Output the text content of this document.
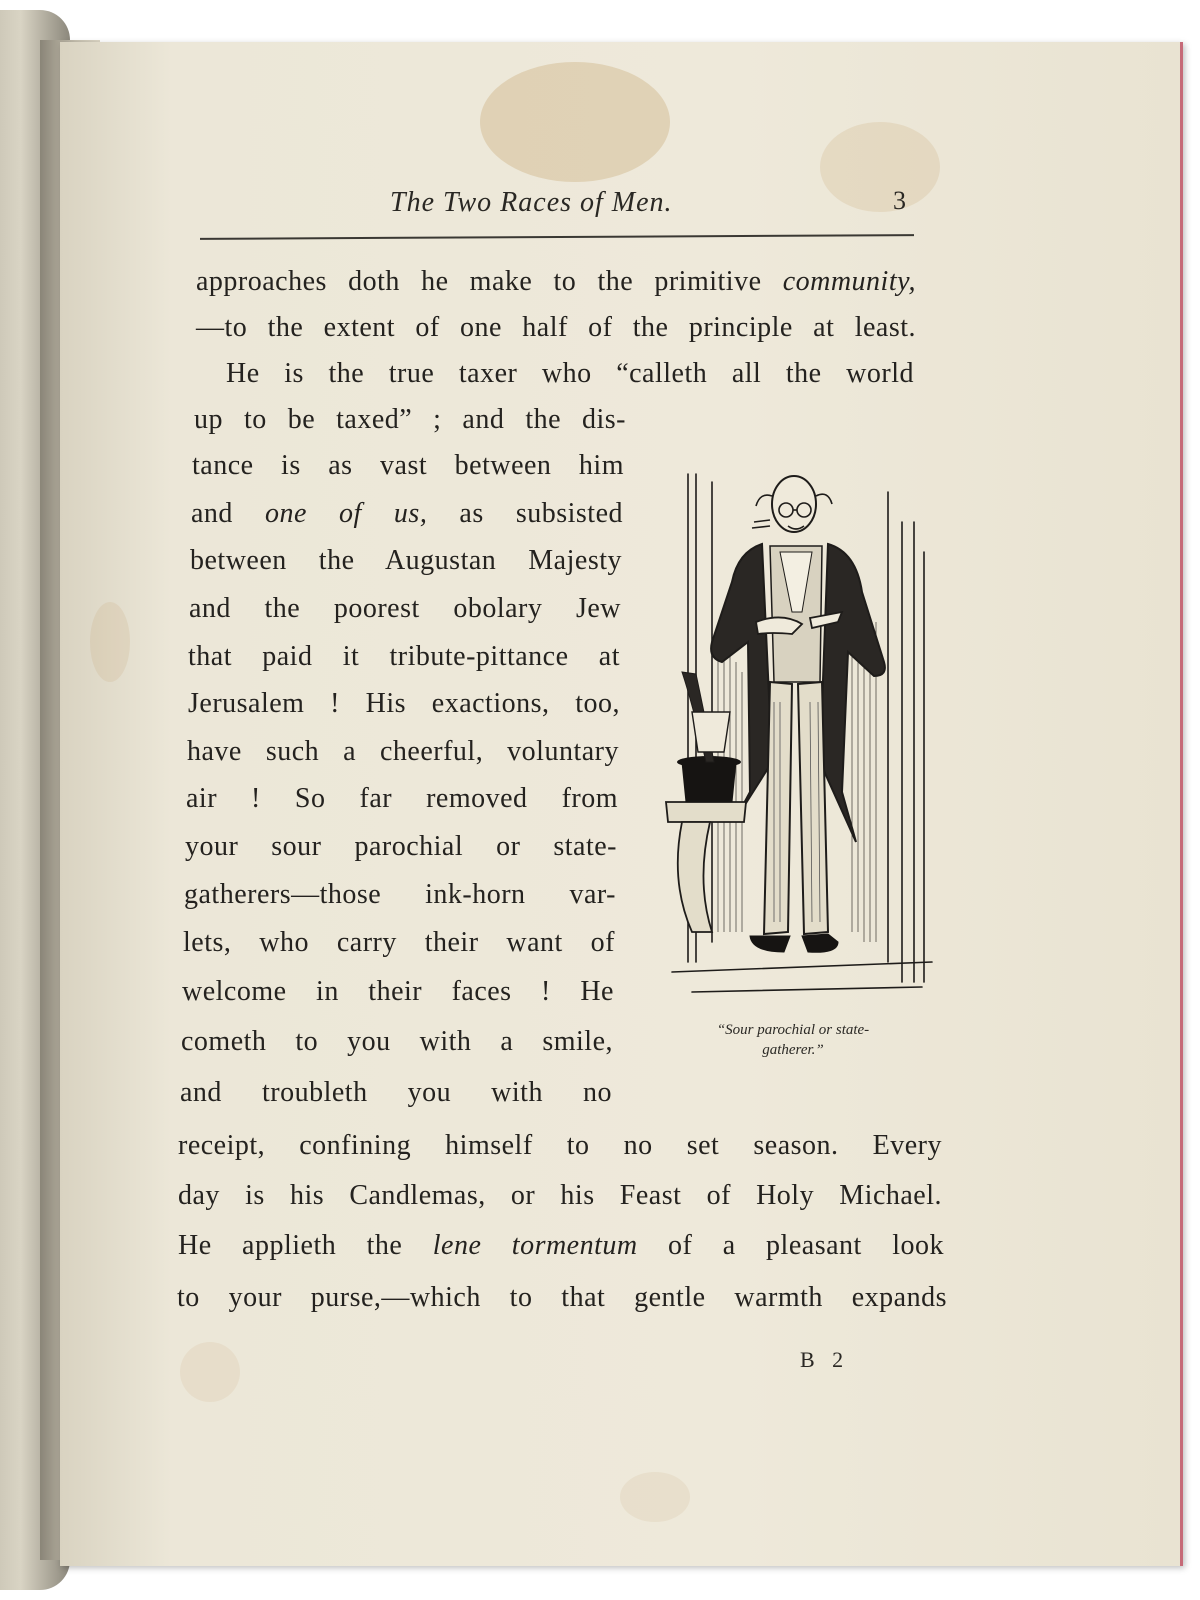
The Two Races of Men.	3
approaches doth he make to the primitive community,
—to the extent of one half of the principle at least.
He is the true taxer who “calleth all the world
up to be taxed” ; and the dis-
tance is as vast between him
and one of us, as subsisted
between the Augustan Majesty
and the poorest obolary Jew
that paid it tribute-pittance at
Jerusalem ! His exactions, too,
have such a cheerful, voluntary
air ! So far removed from
your sour parochial or state-
gatherers—those ink-horn var-
lets, who carry their want of
welcome in their faces ! He
cometh to you with a smile,
and troubleth you with no
receipt, confining himself to no set season. Every
day is his Candlemas, or his Feast of Holy Michael.
He applieth the lene tormentum of a pleasant look
to your purse,—which to that gentle warmth expands
“Sour parochial or state-gatherer.”
B 2
